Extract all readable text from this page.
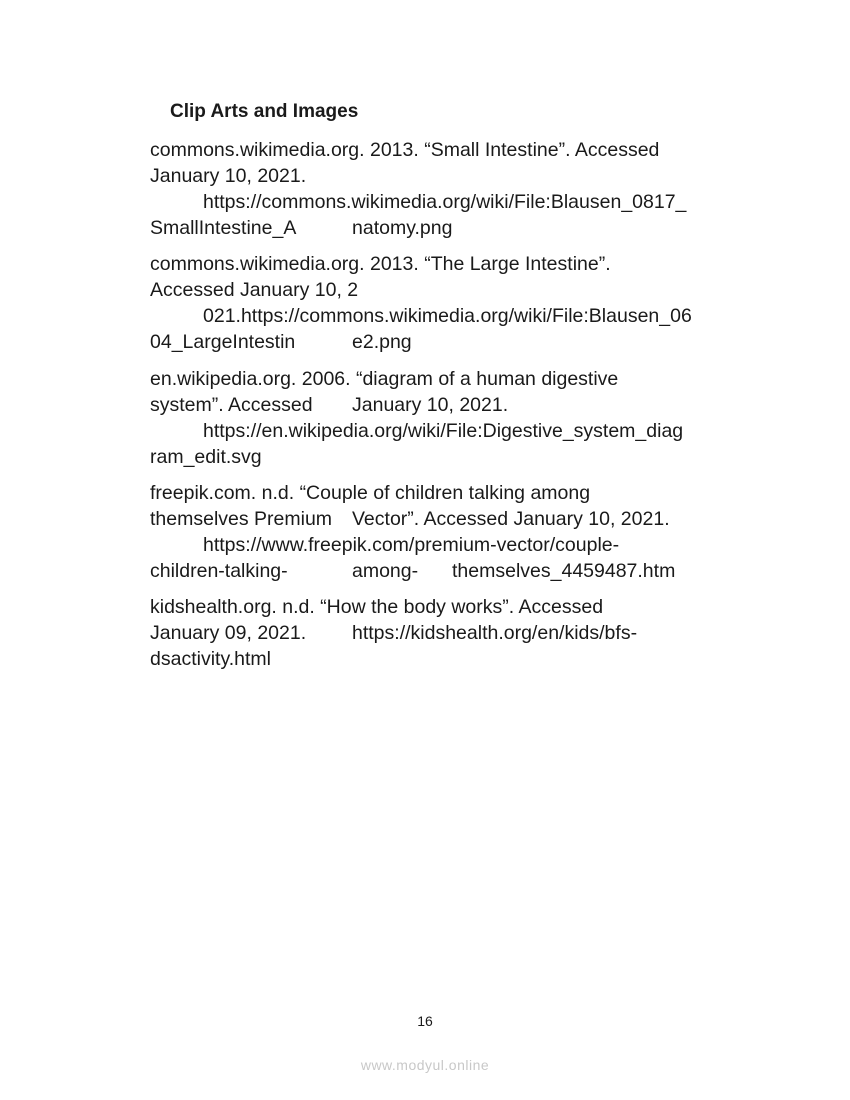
Clip Arts and Images
commons.wikimedia.org. 2013. “Small Intestine”. Accessed
January 10, 2021.
https://commons.wikimedia.org/wiki/File:Blausen_0817_
SmallIntestine_A	natomy.png
commons.wikimedia.org. 2013. “The Large Intestine”.
Accessed January 10, 2
021.https://commons.wikimedia.org/wiki/File:Blausen_06
04_LargeIntestin	e2.png
en.wikipedia.org. 2006. “diagram of a human digestive
system”. Accessed January 10, 2021.
https://en.wikipedia.org/wiki/File:Digestive_system_diag
ram_edit.svg
freepik.com. n.d. “Couple of children talking among
themselves Premium Vector”. Accessed January 10, 2021.
https://www.freepik.com/premium-vector/couple-
children-talking-	among- themselves_4459487.htm
kidshealth.org. n.d. “How the body works”. Accessed
January 09, 2021. https://kidshealth.org/en/kids/bfs-
dsactivity.html
16
www.modyul.online
